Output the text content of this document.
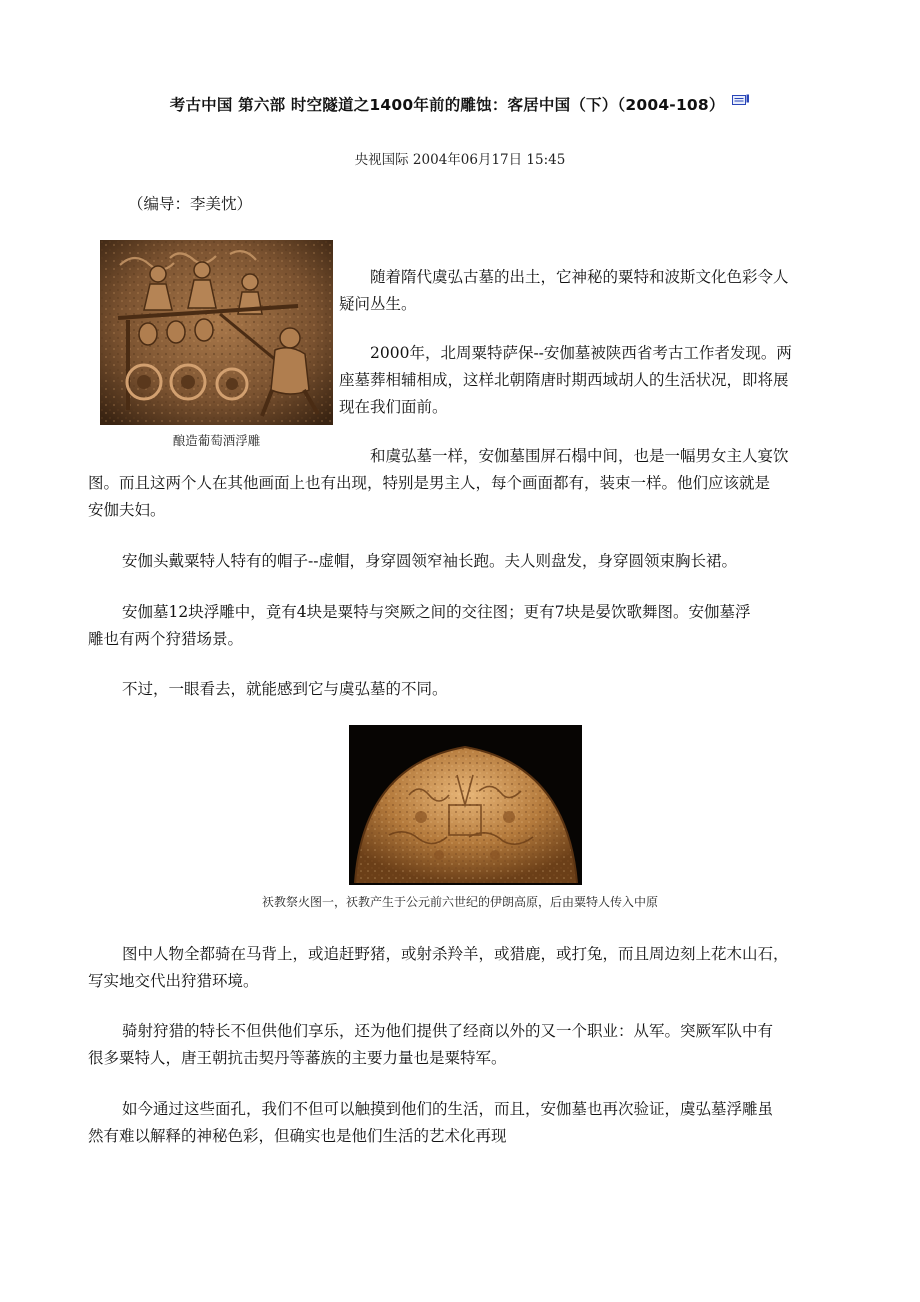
考古中国 第六部 时空隧道之1400年前的雕蚀：客居中国（下）（2004-108）
央视国际 2004年06月17日 15:45
（编导：李美忱）
酿造葡萄酒浮雕

随着隋代虞弘古墓的出土，它神秘的粟特和波斯文化色彩令人
疑问丛生。

2000年，北周粟特萨保--安伽墓被陕西省考古工作者发现。两
座墓葬相辅相成，这样北朝隋唐时期西域胡人的生活状况，即将展
现在我们面前。

和虞弘墓一样，安伽墓围屏石榻中间，也是一幅男女主人宴饮

图。而且这两个人在其他画面上也有出现，特别是男主人，每个画面都有，装束一样。他们应该就是
安伽夫妇。

安伽头戴粟特人特有的帽子--虚帽，身穿圆领窄袖长跑。夫人则盘发，身穿圆领束胸长裙。

安伽墓12块浮雕中，竟有4块是粟特与突厥之间的交往图；更有7块是晏饮歌舞图。安伽墓浮
雕也有两个狩猎场景。

不过，一眼看去，就能感到它与虞弘墓的不同。

祆教祭火图一，祆教产生于公元前六世纪的伊朗高原，后由粟特人传入中原

图中人物全都骑在马背上，或追赶野猪，或射杀羚羊，或猎鹿，或打兔，而且周边刻上花木山石，
写实地交代出狩猎环境。

骑射狩猎的特长不但供他们享乐，还为他们提供了经商以外的又一个职业：从军。突厥军队中有
很多粟特人，唐王朝抗击契丹等蕃族的主要力量也是粟特军。

如今通过这些面孔，我们不但可以触摸到他们的生活，而且，安伽墓也再次验证，虞弘墓浮雕虽
然有难以解释的神秘色彩，但确实也是他们生活的艺术化再现
